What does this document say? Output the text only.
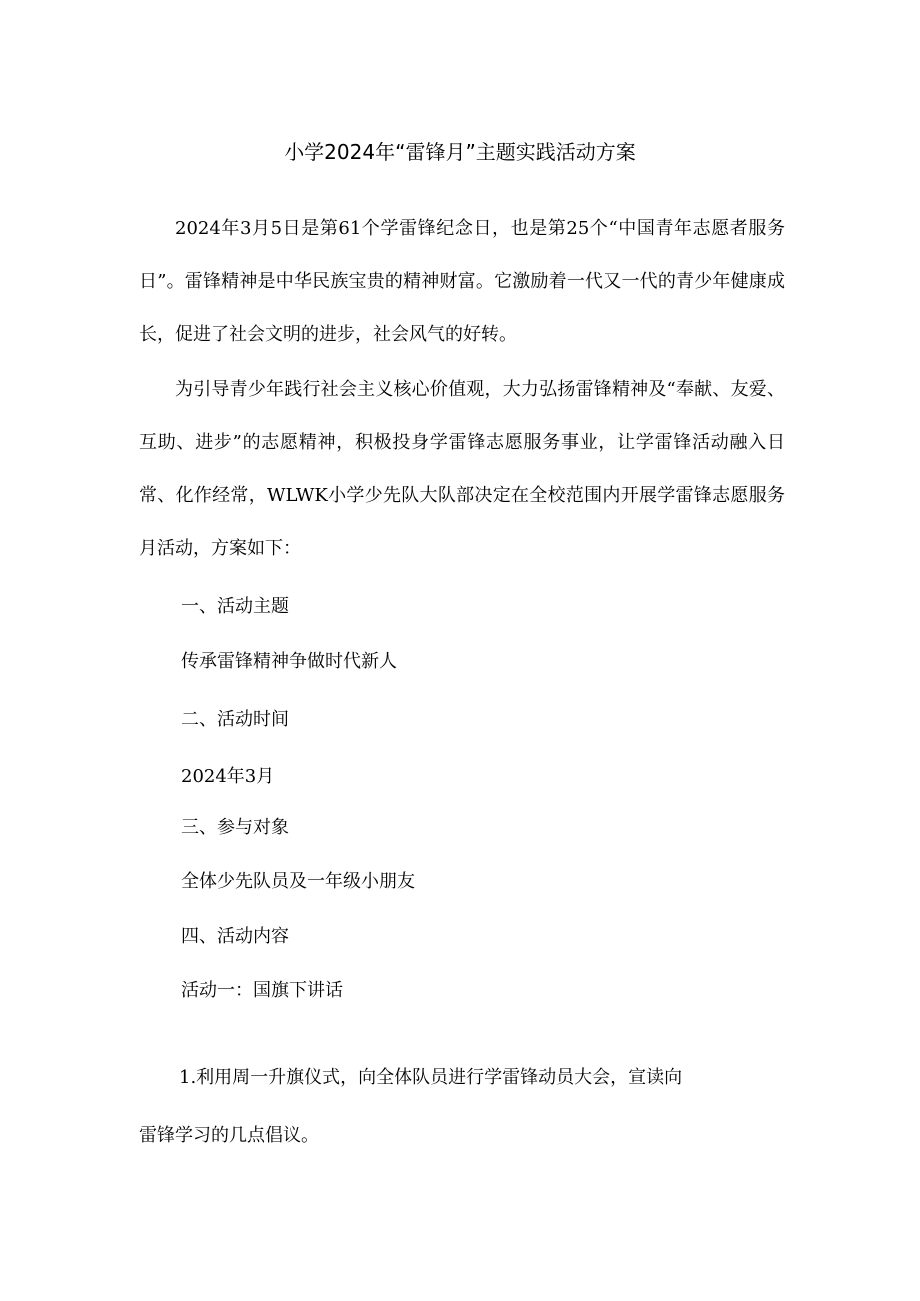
小学2024年“雷锋月”主题实践活动方案

2024年3月5日是第61个学雷锋纪念日，也是第25个“中国青年志愿者服务日”。雷锋精神是中华民族宝贵的精神财富。它激励着一代又一代的青少年健康成长，促进了社会文明的进步，社会风气的好转。

为引导青少年践行社会主义核心价值观，大力弘扬雷锋精神及“奉献、友爱、互助、进步”的志愿精神，积极投身学雷锋志愿服务事业，让学雷锋活动融入日常、化作经常，WLWK小学少先队大队部决定在全校范围内开展学雷锋志愿服务月活动，方案如下：

一、活动主题
传承雷锋精神争做时代新人
二、活动时间
2024年3月
三、参与对象
全体少先队员及一年级小朋友
四、活动内容
活动一：国旗下讲话
1.利用周一升旗仪式，向全体队员进行学雷锋动员大会，宣读向
雷锋学习的几点倡议。
